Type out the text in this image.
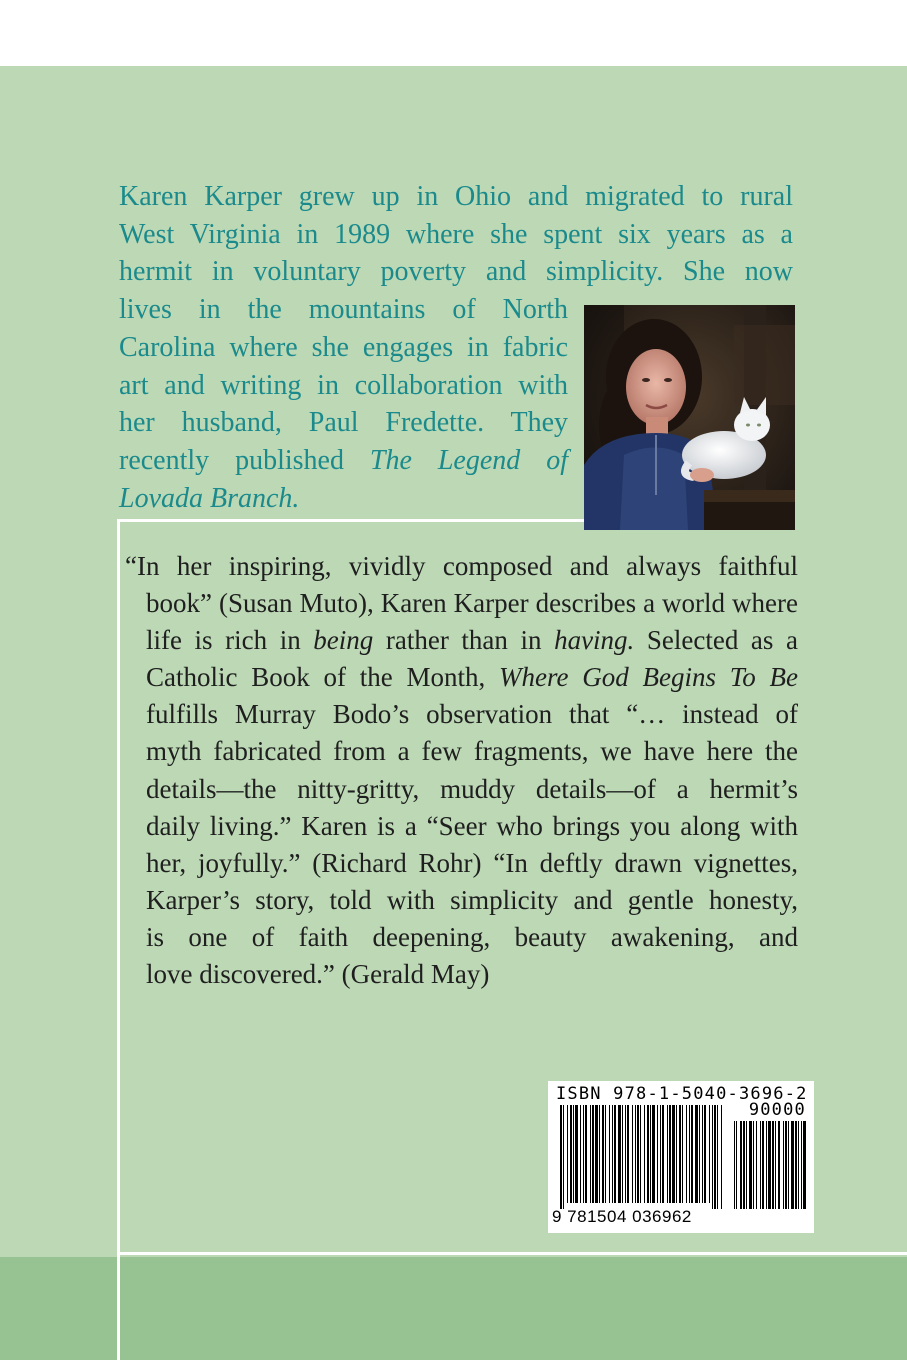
Karen Karper grew up in Ohio and migrated to rural
West Virginia in 1989 where she spent six years as a
hermit in voluntary poverty and simplicity. She now
lives in the mountains of North
Carolina where she engages in fabric
art and writing in collaboration with
her husband, Paul Fredette. They
recently published The Legend of
Lovada Branch.
“In her inspiring, vividly composed and always faithful
book” (Susan Muto), Karen Karper describes a world where
life is rich in being rather than in having. Selected as a
Catholic Book of the Month, Where God Begins To Be
fulfills Murray Bodo’s observation that “… instead of
myth fabricated from a few fragments, we have here the
details—the nitty-gritty, muddy details—of a hermit’s
daily living.” Karen is a “Seer who brings you along with
her, joyfully.” (Richard Rohr) “In deftly drawn vignettes,
Karper’s story, told with simplicity and gentle honesty,
is one of faith deepening, beauty awakening, and
love discovered.” (Gerald May)
ISBN 978-1-5040-3696-2
90000
9 781504 036962
